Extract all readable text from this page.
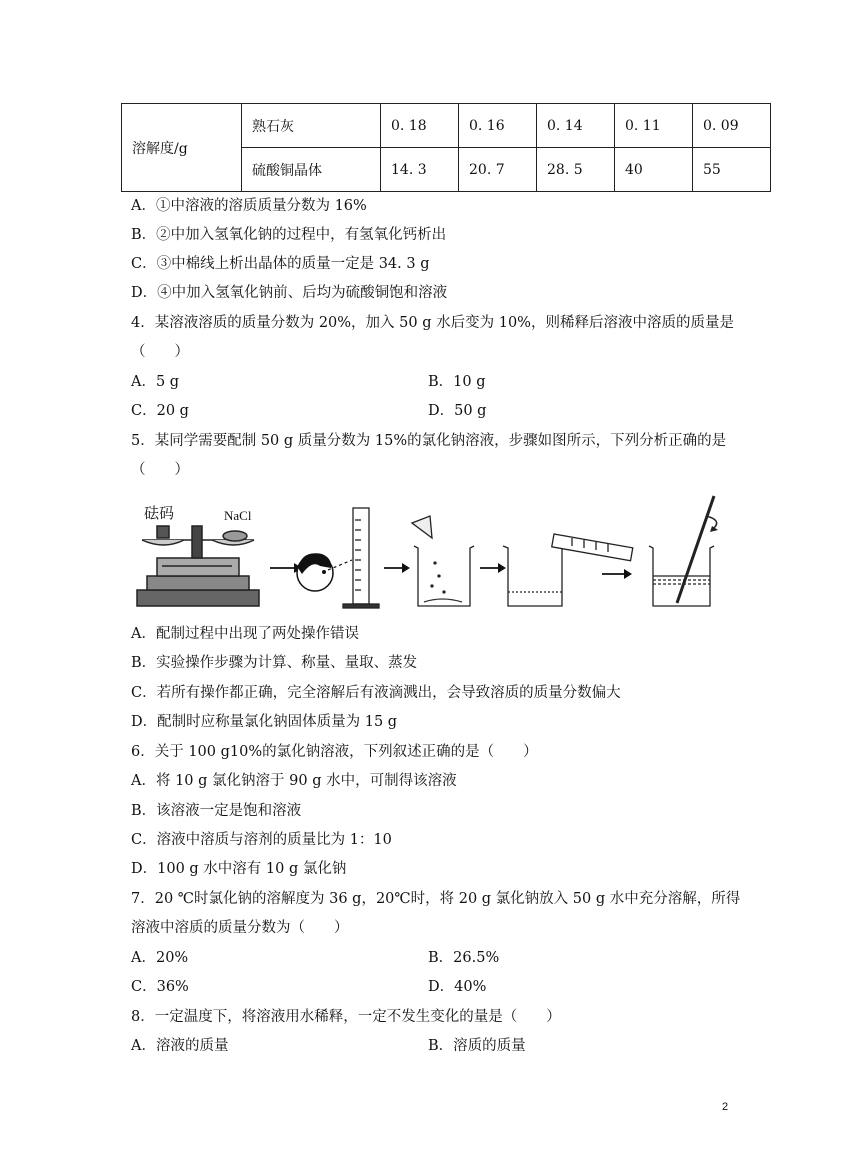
溶解度/g	熟石灰	0. 18	0. 16	0. 14	0. 11	0. 09
	硫酸铜晶体	14. 3	20. 7	28. 5	40	55
A．①中溶液的溶质质量分数为 16%
B．②中加入氢氧化钠的过程中，有氢氧化钙析出
C．③中棉线上析出晶体的质量一定是 34. 3 g
D．④中加入氢氧化钠前、后均为硫酸铜饱和溶液
4．某溶液溶质的质量分数为 20%，加入 50 g 水后变为 10%，则稀释后溶液中溶质的质量是
（　　）
A．5 g	B．10 g
C．20 g	D．50 g
5．某同学需要配制 50 g 质量分数为 15%的氯化钠溶液，步骤如图所示，下列分析正确的是
（　　）
砝码	NaCl
A．配制过程中出现了两处操作错误
B．实验操作步骤为计算、称量、量取、蒸发
C．若所有操作都正确，完全溶解后有液滴溅出，会导致溶质的质量分数偏大
D．配制时应称量氯化钠固体质量为 15 g
6．关于 100 g10%的氯化钠溶液，下列叙述正确的是（　　）
A．将 10 g 氯化钠溶于 90 g 水中，可制得该溶液
B．该溶液一定是饱和溶液
C．溶液中溶质与溶剂的质量比为 1：10
D．100 g 水中溶有 10 g 氯化钠
7．20 ℃时氯化钠的溶解度为 36 g，20℃时，将 20 g 氯化钠放入 50 g 水中充分溶解，所得
溶液中溶质的质量分数为（　　）
A．20%	B．26.5%
C．36%	D．40%
8．一定温度下，将溶液用水稀释，一定不发生变化的量是（　　）
A．溶液的质量	B．溶质的质量
2
